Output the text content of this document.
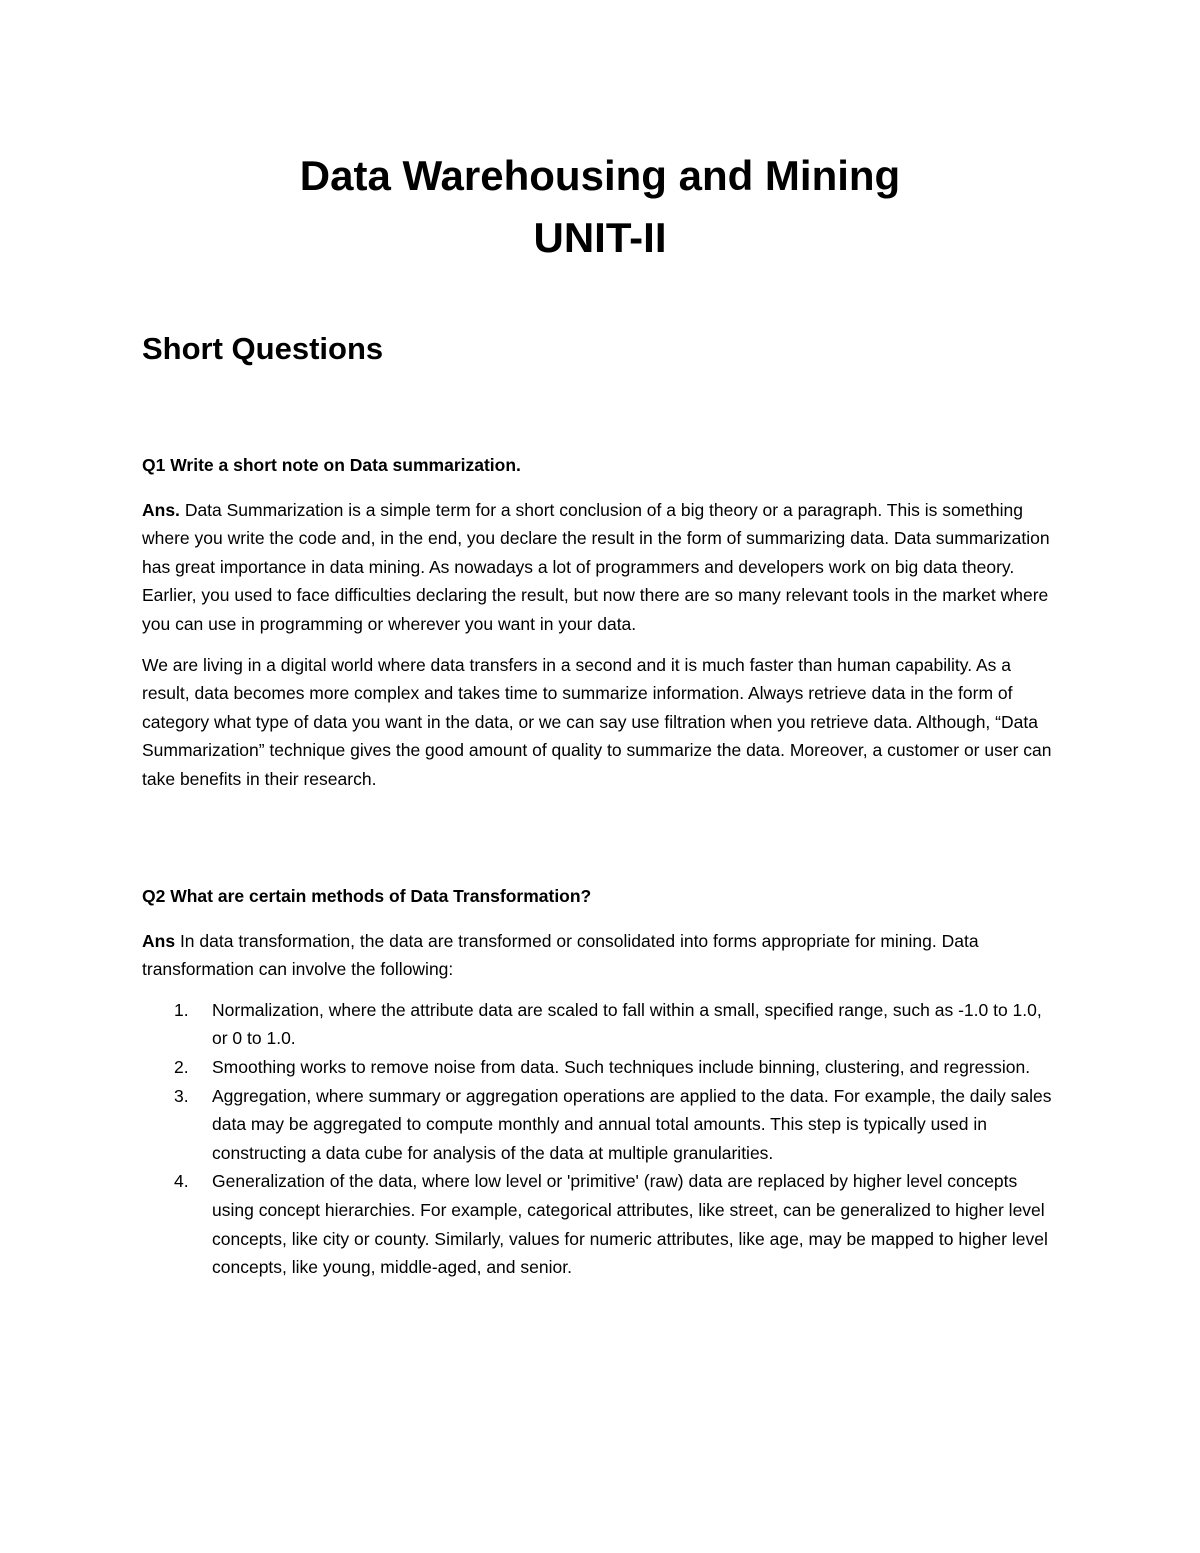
Data Warehousing and Mining
UNIT-II
Short Questions

Q1 Write a short note on Data summarization.

Ans. Data Summarization is a simple term for a short conclusion of a big theory or a paragraph. This is something where you write the code and, in the end, you declare the result in the form of summarizing data. Data summarization has great importance in data mining. As nowadays a lot of programmers and developers work on big data theory. Earlier, you used to face difficulties declaring the result, but now there are so many relevant tools in the market where you can use in programming or wherever you want in your data.

We are living in a digital world where data transfers in a second and it is much faster than human capability. As a result, data becomes more complex and takes time to summarize information. Always retrieve data in the form of category what type of data you want in the data, or we can say use filtration when you retrieve data. Although, “Data Summarization” technique gives the good amount of quality to summarize the data. Moreover, a customer or user can take benefits in their research.

Q2 What are certain methods of Data Transformation?

Ans In data transformation, the data are transformed or consolidated into forms appropriate for mining. Data transformation can involve the following:

1. Normalization, where the attribute data are scaled to fall within a small, specified range, such as -1.0 to 1.0, or 0 to 1.0.
2. Smoothing works to remove noise from data. Such techniques include binning, clustering, and regression.
3. Aggregation, where summary or aggregation operations are applied to the data. For example, the daily sales data may be aggregated to compute monthly and annual total amounts. This step is typically used in constructing a data cube for analysis of the data at multiple granularities.
4. Generalization of the data, where low level or 'primitive' (raw) data are replaced by higher level concepts using concept hierarchies. For example, categorical attributes, like street, can be generalized to higher level concepts, like city or county. Similarly, values for numeric attributes, like age, may be mapped to higher level concepts, like young, middle-aged, and senior.
